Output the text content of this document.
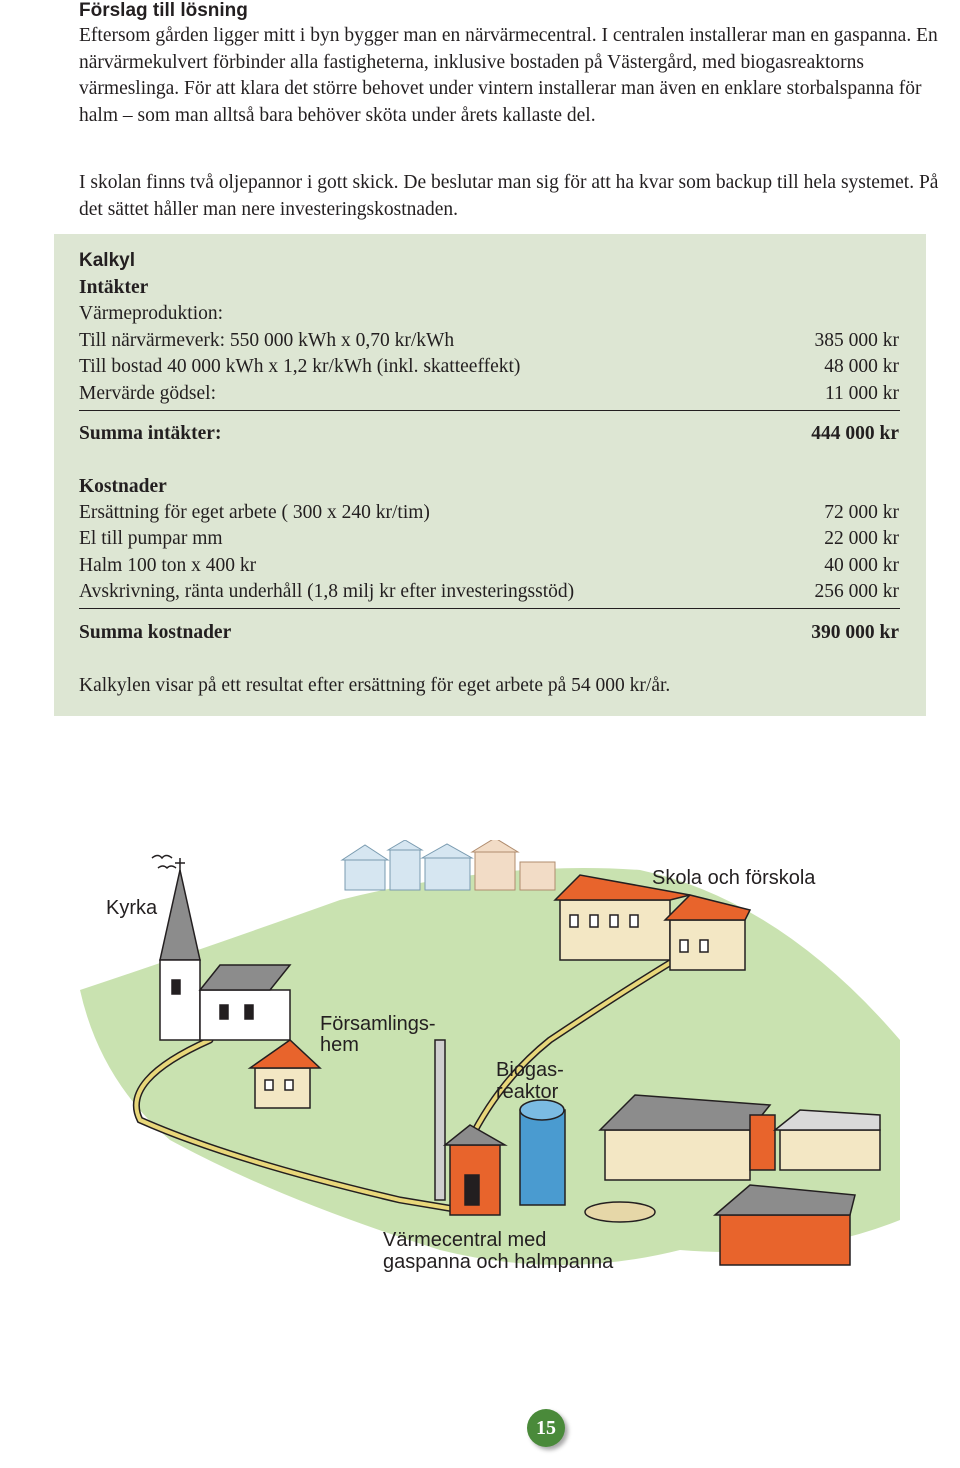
Förslag till lösning

Eftersom gården ligger mitt i byn bygger man en närvärmecentral. I centralen installerar man en gaspanna. En närvärmekulvert förbinder alla fastigheterna, inklusive bostaden på Västergård, med biogasreaktorns värmeslinga. För att klara det större behovet under vintern installerar man även en enklare storbalspanna för halm – som man alltså bara behöver sköta under årets kallaste del.

I skolan finns två oljepannor i gott skick. De beslutar man sig för att ha kvar som backup till hela systemet. På det sättet håller man nere investeringskostnaden.

Kalkyl
Intäkter
Värmeproduktion:
Till närvärmeverk: 550 000 kWh x 0,70 kr/kWh	385 000 kr
Till bostad 40 000 kWh x 1,2 kr/kWh (inkl. skatteeffekt)	48 000 kr
Mervärde gödsel:	11 000 kr
Summa intäkter:	444 000 kr
Kostnader
Ersättning för eget arbete ( 300 x 240 kr/tim)	72 000 kr
El till pumpar mm	22 000 kr
Halm 100 ton x 400 kr	40 000 kr
Avskrivning, ränta underhåll (1,8 milj kr efter investeringsstöd)	256 000 kr
Summa kostnader	390 000 kr
Kalkylen visar på ett resultat efter ersättning för eget arbete på 54 000 kr/år.
Kyrka
Skola och förskola
Församlings-
hem
Biogas-
reaktor
Värmecentral med
gaspanna och halmpanna
15
